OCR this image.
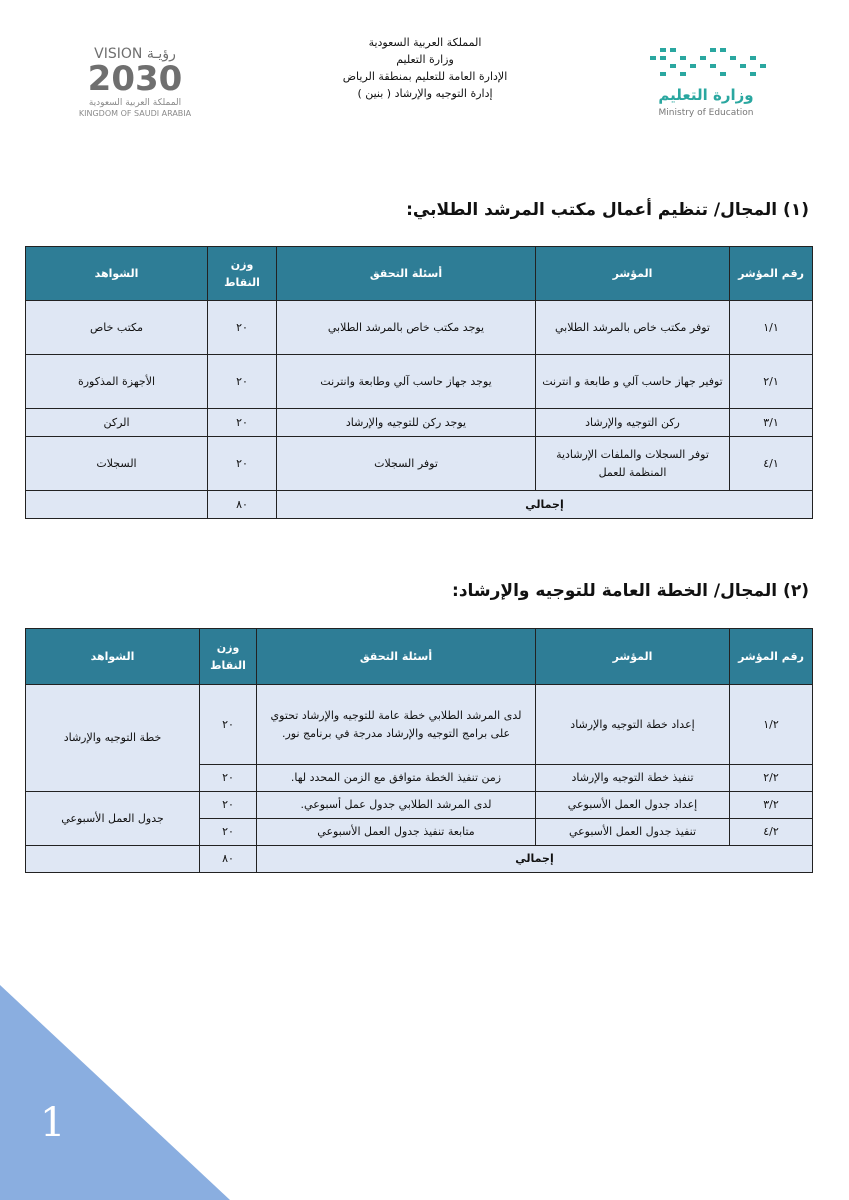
المملكة العربية السعودية
وزارة التعليم
الإدارة العامة للتعليم بمنطقة الرياض
إدارة التوجيه والإرشاد ( بنين )
VISION رؤيـة
2030
المملكة العربية السعودية
KINGDOM OF SAUDI ARABIA
وزارة التعليم
Ministry of Education
(١) المجال/ تنظيم أعمال مكتب المرشد الطلابي:
رقم المؤشر	المؤشر	أسئلة التحقق	وزن النقاط	الشواهد
١/١	توفر مكتب خاص بالمرشد الطلابي	يوجد مكتب خاص بالمرشد الطلابي	٢٠	مكتب خاص
٢/١	توفير جهاز حاسب آلي و طابعة و انترنت	يوجد جهاز حاسب آلي وطابعة وانترنت	٢٠	الأجهزة المذكورة
٣/١	ركن التوجيه والإرشاد	يوجد ركن للتوجيه والإرشاد	٢٠	الركن
٤/١	توفر السجلات والملفات الإرشادية المنظمة للعمل	توفر السجلات	٢٠	السجلات
إجمالي			٨٠	
(٢) المجال/ الخطة العامة للتوجيه والإرشاد:
رقم المؤشر	المؤشر	أسئلة التحقق	وزن النقاط	الشواهد
١/٢	إعداد خطة التوجيه والإرشاد	لدى المرشد الطلابي خطة عامة للتوجيه والإرشاد تحتوي على برامج التوجيه والإرشاد مدرجة في برنامج نور.	٢٠	خطة التوجيه والإرشاد
٢/٢	تنفيذ خطة التوجيه والإرشاد	زمن تنفيذ الخطة متوافق مع الزمن المحدد لها.	٢٠	
٣/٢	إعداد جدول العمل الأسبوعي	لدى المرشد الطلابي جدول عمل أسبوعي.	٢٠	جدول العمل الأسبوعي
٤/٢	تنفيذ جدول العمل الأسبوعي	متابعة تنفيذ جدول العمل الأسبوعي	٢٠	
إجمالي			٨٠	
1
